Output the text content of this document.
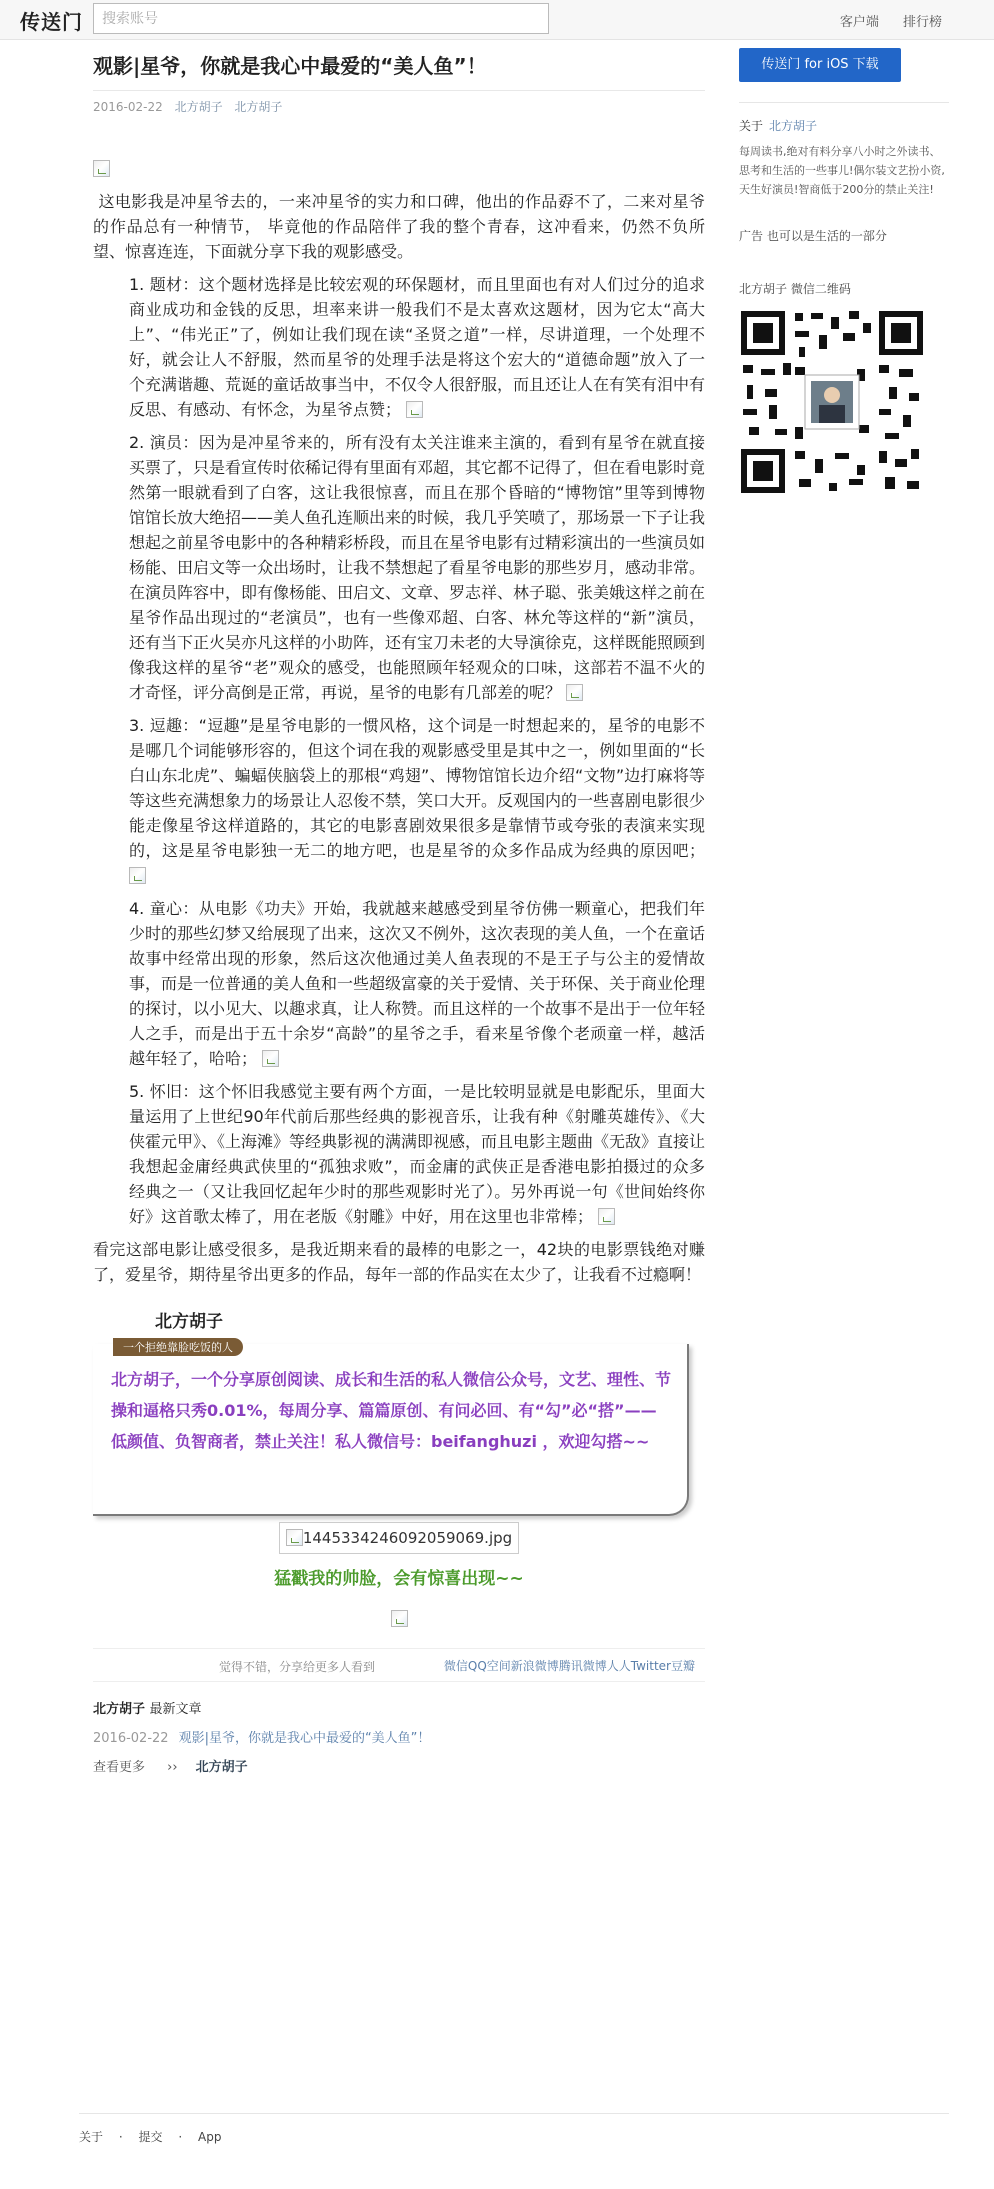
传送门
搜索账号	客户端 排行榜
观影|星爷，你就是我心中最爱的“美人鱼”！
2016-02-22 北方胡子 北方胡子

这电影我是冲星爷去的，一来冲星爷的实力和口碑，他出的作品孬不了，二来对星爷的作品总有一种情节， 毕竟他的作品陪伴了我的整个青春，这冲看来，仍然不负所望、惊喜连连，下面就分享下我的观影感受。

1. 题材：这个题材选择是比较宏观的环保题材，而且里面也有对人们过分的追求商业成功和金钱的反思，坦率来讲一般我们不是太喜欢这题材，因为它太“高大上”、“伟光正”了，例如让我们现在读“圣贤之道”一样，尽讲道理，一个处理不好，就会让人不舒服，然而星爷的处理手法是将这个宏大的“道德命题”放入了一个充满谐趣、荒诞的童话故事当中，不仅令人很舒服，而且还让人在有笑有泪中有反思、有感动、有怀念，为星爷点赞；

2. 演员：因为是冲星爷来的，所有没有太关注谁来主演的，看到有星爷在就直接买票了，只是看宣传时依稀记得有里面有邓超，其它都不记得了，但在看电影时竟然第一眼就看到了白客，这让我很惊喜，而且在那个昏暗的“博物馆”里等到博物馆馆长放大绝招——美人鱼孔连顺出来的时候，我几乎笑喷了，那场景一下子让我想起之前星爷电影中的各种精彩桥段，而且在星爷电影有过精彩演出的一些演员如杨能、田启文等一众出场时，让我不禁想起了看星爷电影的那些岁月，感动非常。在演员阵容中，即有像杨能、田启文、文章、罗志祥、林子聪、张美娥这样之前在星爷作品出现过的“老演员”，也有一些像邓超、白客、林允等这样的“新”演员，还有当下正火吴亦凡这样的小助阵，还有宝刀未老的大导演徐克，这样既能照顾到像我这样的星爷“老”观众的感受，也能照顾年轻观众的口味，这部若不温不火的才奇怪，评分高倒是正常，再说，星爷的电影有几部差的呢？

3. 逗趣：“逗趣”是星爷电影的一惯风格，这个词是一时想起来的，星爷的电影不是哪几个词能够形容的，但这个词在我的观影感受里是其中之一，例如里面的“长白山东北虎”、蝙蝠侠脑袋上的那根“鸡翅”、博物馆馆长边介绍“文物”边打麻将等等这些充满想象力的场景让人忍俊不禁，笑口大开。反观国内的一些喜剧电影很少能走像星爷这样道路的，其它的电影喜剧效果很多是靠情节或夸张的表演来实现的，这是星爷电影独一无二的地方吧，也是星爷的众多作品成为经典的原因吧；

4. 童心：从电影《功夫》开始，我就越来越感受到星爷仿佛一颗童心，把我们年少时的那些幻梦又给展现了出来，这次又不例外，这次表现的美人鱼，一个在童话故事中经常出现的形象，然后这次他通过美人鱼表现的不是王子与公主的爱情故事，而是一位普通的美人鱼和一些超级富豪的关于爱情、关于环保、关于商业伦理的探讨，以小见大、以趣求真，让人称赞。而且这样的一个故事不是出于一位年轻人之手，而是出于五十余岁“高龄”的星爷之手，看来星爷像个老顽童一样，越活越年轻了，哈哈；

5. 怀旧：这个怀旧我感觉主要有两个方面，一是比较明显就是电影配乐，里面大量运用了上世纪90年代前后那些经典的影视音乐，让我有种《射雕英雄传》、《大侠霍元甲》、《上海滩》等经典影视的满满即视感，而且电影主题曲《无敌》直接让我想起金庸经典武侠里的“孤独求败”，而金庸的武侠正是香港电影拍摄过的众多经典之一（又让我回忆起年少时的那些观影时光了）。另外再说一句《世间始终你好》这首歌太棒了，用在老版《射雕》中好，用在这里也非常棒；

看完这部电影让感受很多，是我近期来看的最棒的电影之一，42块的电影票钱绝对赚了，爱星爷，期待星爷出更多的作品，每年一部的作品实在太少了，让我看不过瘾啊！

北方胡子
一个拒绝靠脸吃饭的人
北方胡子，一个分享原创阅读、成长和生活的私人微信公众号，文艺、理性、节操和逼格只秀0.01%，每周分享、篇篇原创、有问必回、有“勾”必“搭”——低颜值、负智商者，禁止关注！私人微信号：beifanghuzi ，欢迎勾搭~~
1445334246092059069.jpg
猛戳我的帅脸，会有惊喜出现~~
觉得不错，分享给更多人看到	微信QQ空间新浪微博腾讯微博人人Twitter豆瓣
北方胡子 最新文章
2016-02-22 观影|星爷，你就是我心中最爱的“美人鱼”！
查看更多 ›› 北方胡子
传送门 for iOS 下载
关于 北方胡子
每周读书,绝对有料分享八小时之外读书、思考和生活的一些事儿!偶尔装文艺扮小资,天生好演员!智商低于200分的禁止关注!
广告 也可以是生活的一部分
北方胡子 微信二维码
关于 · 提交 · App
